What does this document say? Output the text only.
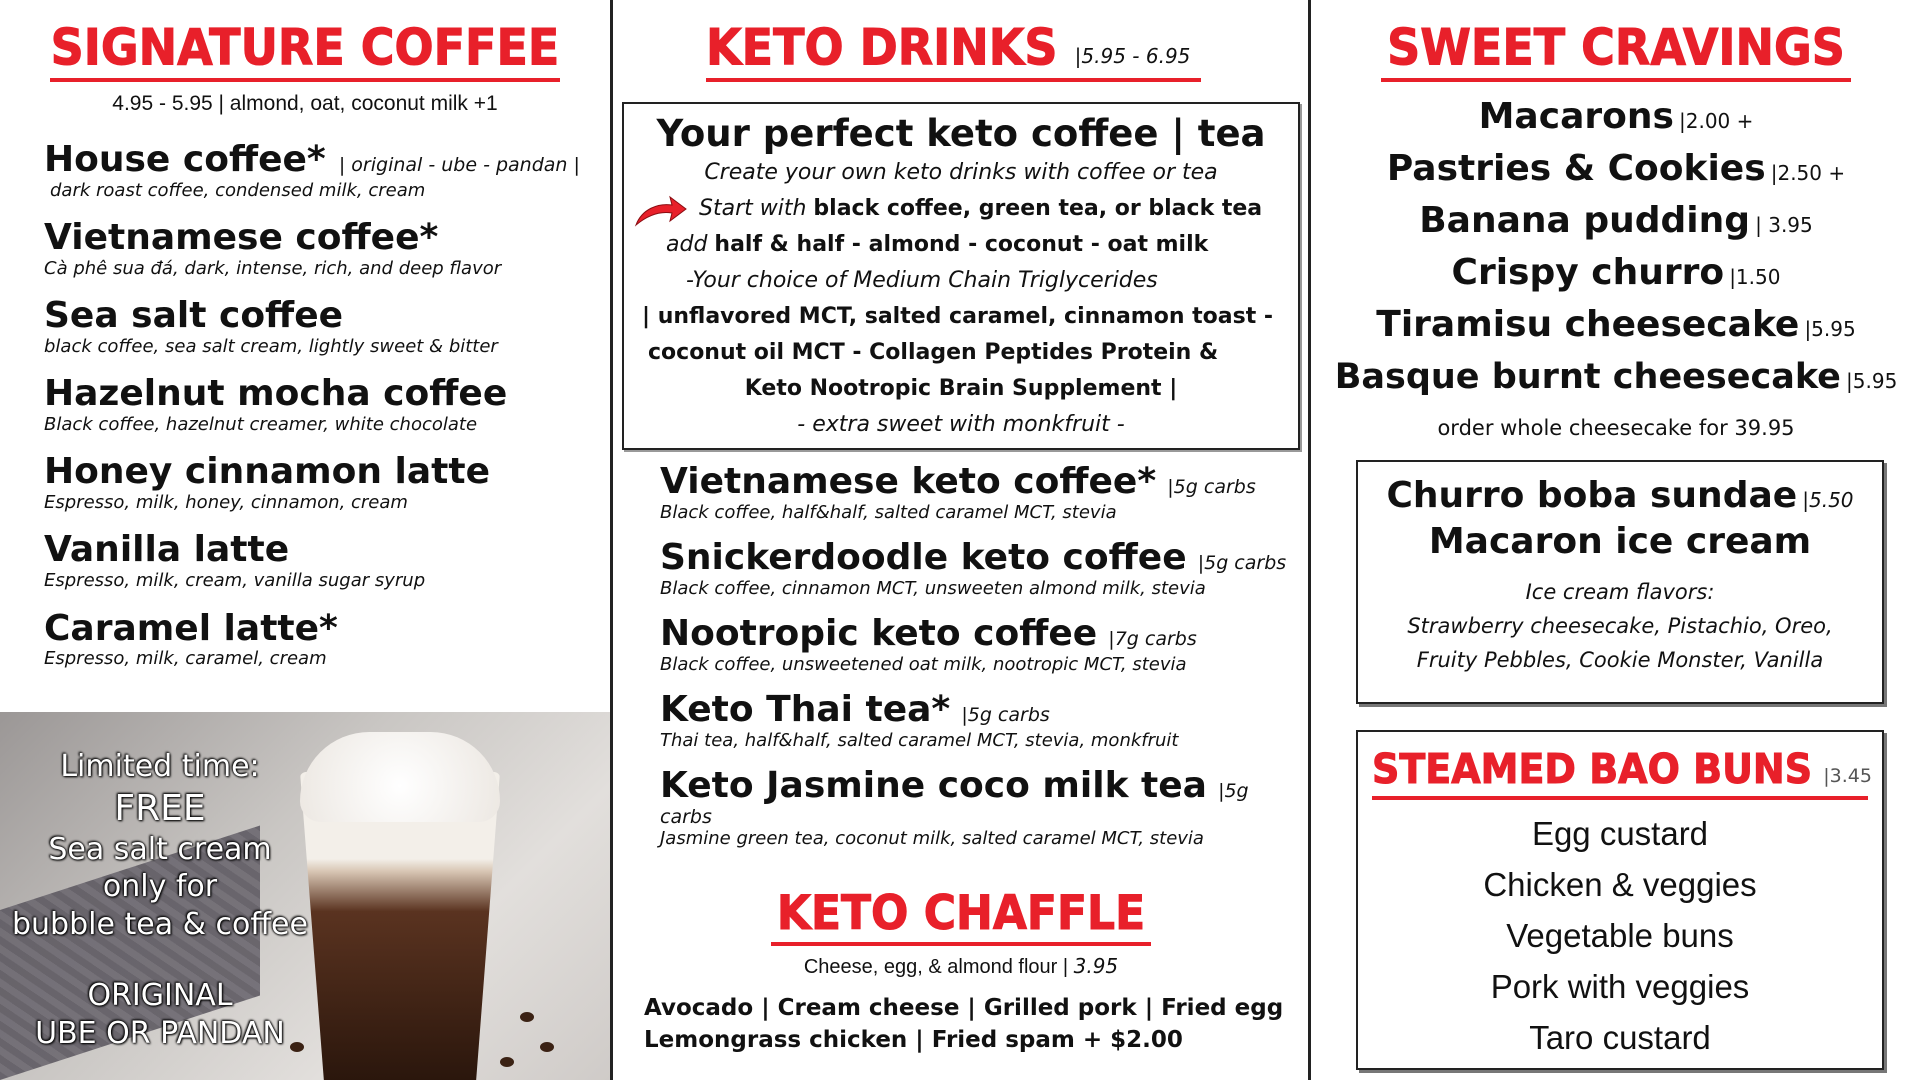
SIGNATURE COFFEE
4.95 - 5.95 | almond, oat, coconut milk +1
House coffee* | original - ube - pandan |
dark roast coffee, condensed milk, cream
Vietnamese coffee*
Cà phê sua đá, dark, intense, rich, and deep flavor
Sea salt coffee
black coffee, sea salt cream, lightly sweet & bitter
Hazelnut mocha coffee
Black coffee, hazelnut creamer, white chocolate
Honey cinnamon latte
Espresso, milk, honey, cinnamon, cream
Vanilla latte
Espresso, milk, cream, vanilla sugar syrup
Caramel latte*
Espresso, milk, caramel, cream
Limited time:
FREE
Sea salt cream
only for
bubble tea & coffee
ORIGINAL
UBE OR PANDAN
KETO DRINKS |5.95 - 6.95
Your perfect keto coffee | tea
Create your own keto drinks with coffee or tea
Start with black coffee, green tea, or black tea
add half & half - almond - coconut - oat milk
-Your choice of Medium Chain Triglycerides
| unflavored MCT, salted caramel, cinnamon toast -
coconut oil MCT - Collagen Peptides Protein &
Keto Nootropic Brain Supplement |
- extra sweet with monkfruit -
Vietnamese keto coffee* |5g carbs
Black coffee, half&half, salted caramel MCT, stevia
Snickerdoodle keto coffee |5g carbs
Black coffee, cinnamon MCT, unsweeten almond milk, stevia
Nootropic keto coffee |7g carbs
Black coffee, unsweetened oat milk, nootropic MCT, stevia
Keto Thai tea* |5g carbs
Thai tea, half&half, salted caramel MCT, stevia, monkfruit
Keto Jasmine coco milk tea |5g carbs
Jasmine green tea, coconut milk, salted caramel MCT, stevia
KETO CHAFFLE
Cheese, egg, & almond flour | 3.95
Avocado | Cream cheese | Grilled pork | Fried egg
Lemongrass chicken | Fried spam + $2.00
SWEET CRAVINGS
Macarons |2.00 +
Pastries & Cookies |2.50 +
Banana pudding | 3.95
Crispy churro |1.50
Tiramisu cheesecake |5.95
Basque burnt cheesecake |5.95
order whole cheesecake for 39.95
Churro boba sundae |5.50
Macaron ice cream
Ice cream flavors:
Strawberry cheesecake, Pistachio, Oreo,
Fruity Pebbles, Cookie Monster, Vanilla
STEAMED BAO BUNS |3.45
Egg custard
Chicken & veggies
Vegetable buns
Pork with veggies
Taro custard
